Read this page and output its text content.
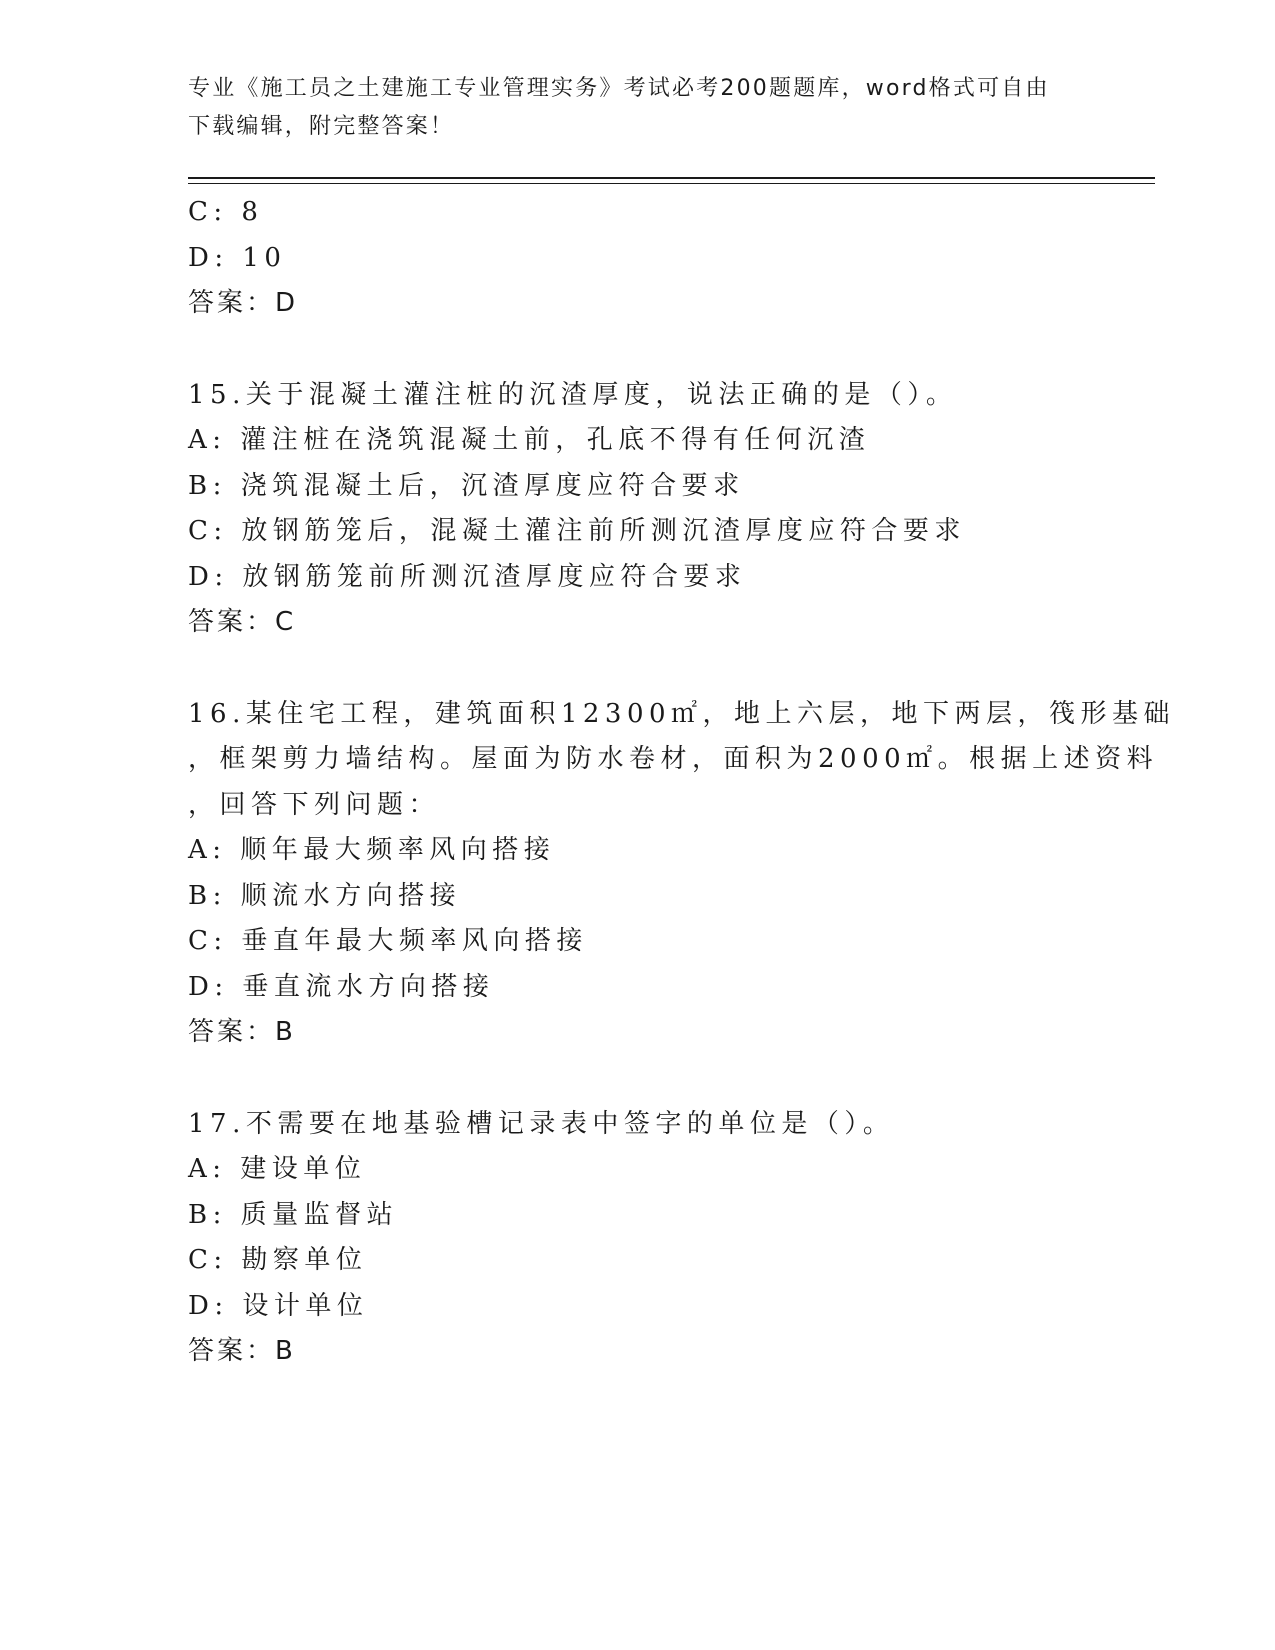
专业《施工员之土建施工专业管理实务》考试必考200题题库，word格式可自由
下载编辑，附完整答案！
C: 8
D: 10
答案：D
15.关于混凝土灌注桩的沉渣厚度，说法正确的是（）。
A: 灌注桩在浇筑混凝土前，孔底不得有任何沉渣
B: 浇筑混凝土后，沉渣厚度应符合要求
C: 放钢筋笼后，混凝土灌注前所测沉渣厚度应符合要求
D: 放钢筋笼前所测沉渣厚度应符合要求
答案：C
16.某住宅工程，建筑面积12300㎡，地上六层，地下两层，筏形基础
，框架剪力墙结构。屋面为防水卷材，面积为2000㎡。根据上述资料
，回答下列问题：
A: 顺年最大频率风向搭接
B: 顺流水方向搭接
C: 垂直年最大频率风向搭接
D: 垂直流水方向搭接
答案：B
17.不需要在地基验槽记录表中签字的单位是（）。
A: 建设单位
B: 质量监督站
C: 勘察单位
D: 设计单位
答案：B
